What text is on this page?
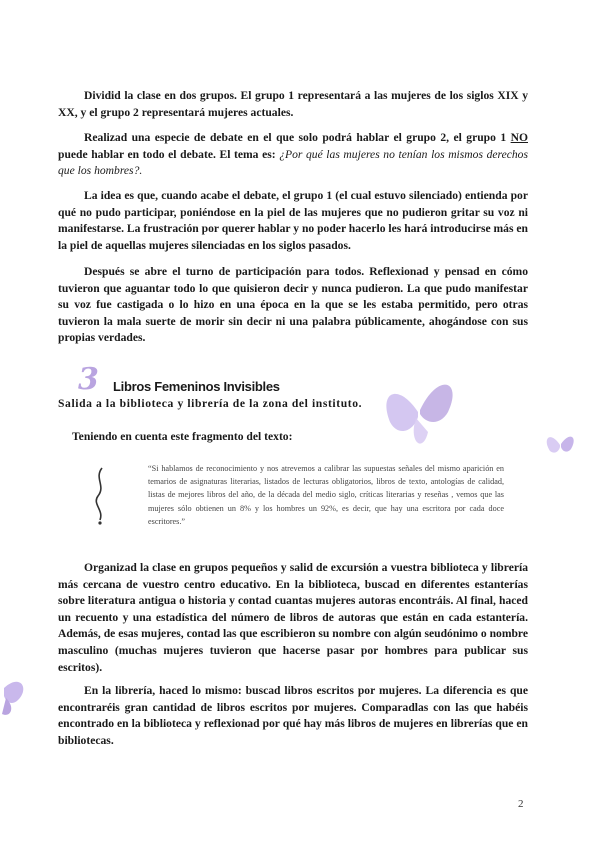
Dividid la clase en dos grupos. El grupo 1 representará a las mujeres de los siglos XIX y XX, y el grupo 2 representará mujeres actuales.

Realizad una especie de debate en el que solo podrá hablar el grupo 2, el grupo 1 NO puede hablar en todo el debate. El tema es: ¿Por qué las mujeres no tenían los mismos derechos que los hombres?.

La idea es que, cuando acabe el debate, el grupo 1 (el cual estuvo silenciado) entienda por qué no pudo participar, poniéndose en la piel de las mujeres que no pudieron gritar su voz ni manifestarse. La frustración por querer hablar y no poder hacerlo les hará introducirse más en la piel de aquellas mujeres silenciadas en los siglos pasados.

Después se abre el turno de participación para todos. Reflexionad y pensad en cómo tuvieron que aguantar todo lo que quisieron decir y nunca pudieron. La que pudo manifestar su voz fue castigada o lo hizo en una época en la que se les estaba permitido, pero otras tuvieron la mala suerte de morir sin decir ni una palabra públicamente, ahogándose con sus propias verdades.

3 Libros Femeninos Invisibles
Salida a la biblioteca y librería de la zona del instituto.
Teniendo en cuenta este fragmento del texto:

“Si hablamos de reconocimiento y nos atrevemos a calibrar las supuestas señales del mismo aparición en temarios de asignaturas literarias, listados de lecturas obligatorios, libros de texto, antologías de calidad, listas de mejores libros del año, de la década del medio siglo, críticas literarias y reseñas , vemos que las mujeres sólo obtienen un 8% y los hombres un 92%, es decir, que hay una escritora por cada doce escritores.”

Organizad la clase en grupos pequeños y salid de excursión a vuestra biblioteca y librería más cercana de vuestro centro educativo. En la biblioteca, buscad en diferentes estanterías sobre literatura antigua o historia y contad cuantas mujeres autoras encontráis. Al final, haced un recuento y una estadística del número de libros de autoras que están en cada estantería. Además, de esas mujeres, contad las que escribieron su nombre con algún seudónimo o nombre masculino (muchas mujeres tuvieron que hacerse pasar por hombres para publicar sus escritos).

En la librería, haced lo mismo: buscad libros escritos por mujeres. La diferencia es que encontraréis gran cantidad de libros escritos por mujeres. Comparadlas con las que habéis encontrado en la biblioteca y reflexionad por qué hay más libros de mujeres en librerías que en bibliotecas.

2
